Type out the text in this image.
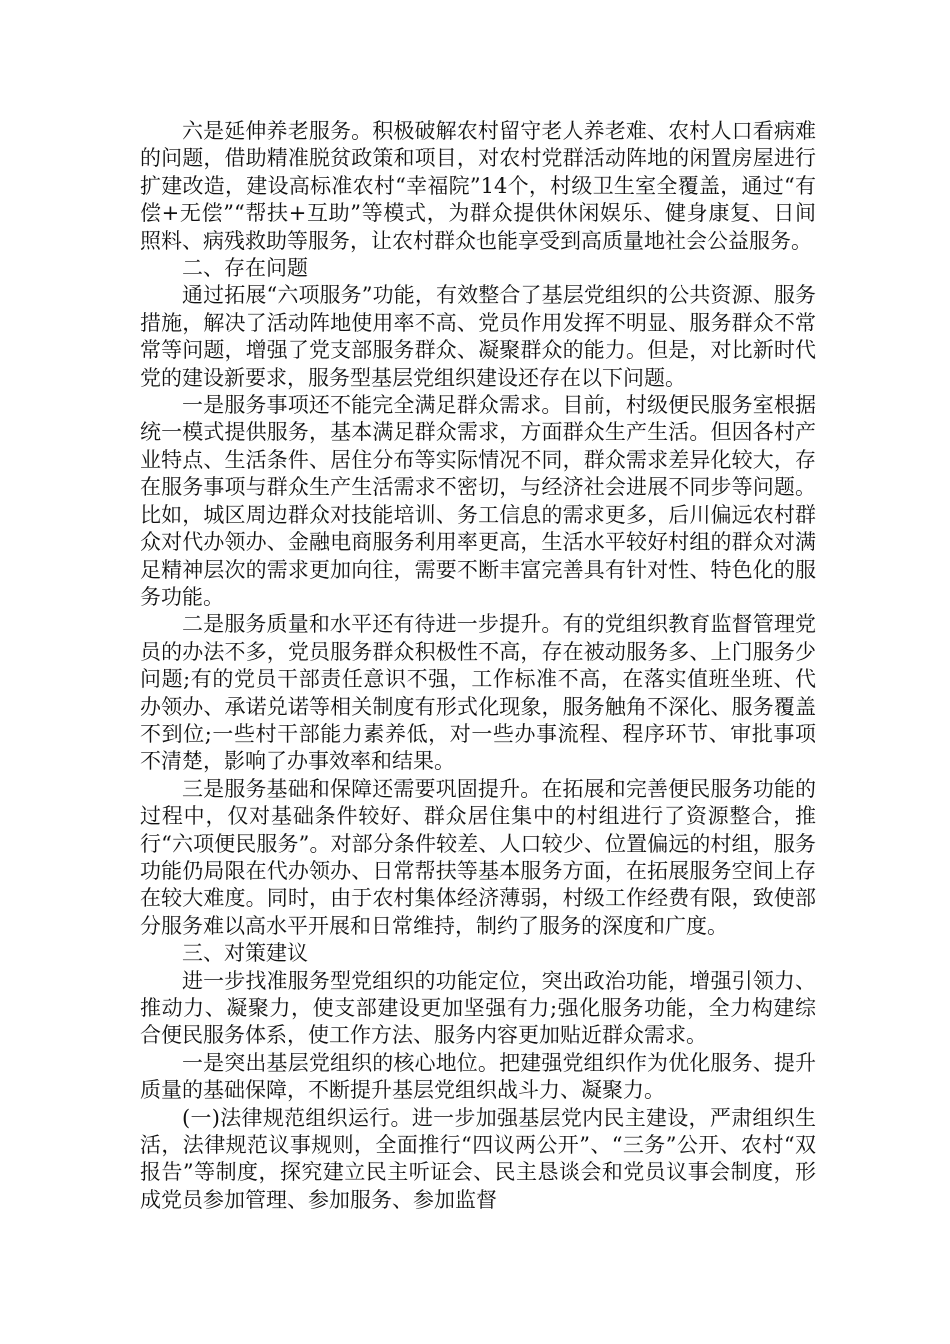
六是延伸养老服务。积极破解农村留守老人养老难、农村人口看病难的问题，借助精准脱贫政策和项目，对农村党群活动阵地的闲置房屋进行扩建改造，建设高标准农村“幸福院”14个，村级卫生室全覆盖，通过“有偿+无偿”“帮扶+互助”等模式，为群众提供休闲娱乐、健身康复、日间照料、病残救助等服务，让农村群众也能享受到高质量地社会公益服务。

二、存在问题

通过拓展“六项服务”功能，有效整合了基层党组织的公共资源、服务措施，解决了活动阵地使用率不高、党员作用发挥不明显、服务群众不常常等问题，增强了党支部服务群众、凝聚群众的能力。但是，对比新时代党的建设新要求，服务型基层党组织建设还存在以下问题。

一是服务事项还不能完全满足群众需求。目前，村级便民服务室根据统一模式提供服务，基本满足群众需求，方面群众生产生活。但因各村产业特点、生活条件、居住分布等实际情况不同，群众需求差异化较大，存在服务事项与群众生产生活需求不密切，与经济社会进展不同步等问题。比如，城区周边群众对技能培训、务工信息的需求更多，后川偏远农村群众对代办领办、金融电商服务利用率更高，生活水平较好村组的群众对满足精神层次的需求更加向往，需要不断丰富完善具有针对性、特色化的服务功能。

二是服务质量和水平还有待进一步提升。有的党组织教育监督管理党员的办法不多，党员服务群众积极性不高，存在被动服务多、上门服务少问题;有的党员干部责任意识不强，工作标准不高，在落实值班坐班、代办领办、承诺兑诺等相关制度有形式化现象，服务触角不深化、服务覆盖不到位;一些村干部能力素养低，对一些办事流程、程序环节、审批事项不清楚，影响了办事效率和结果。

三是服务基础和保障还需要巩固提升。在拓展和完善便民服务功能的过程中，仅对基础条件较好、群众居住集中的村组进行了资源整合，推行“六项便民服务”。对部分条件较差、人口较少、位置偏远的村组，服务功能仍局限在代办领办、日常帮扶等基本服务方面，在拓展服务空间上存在较大难度。同时，由于农村集体经济薄弱，村级工作经费有限，致使部分服务难以高水平开展和日常维持，制约了服务的深度和广度。

三、对策建议

进一步找准服务型党组织的功能定位，突出政治功能，增强引领力、推动力、凝聚力，使支部建设更加坚强有力;强化服务功能，全力构建综合便民服务体系，使工作方法、服务内容更加贴近群众需求。

一是突出基层党组织的核心地位。把建强党组织作为优化服务、提升质量的基础保障，不断提升基层党组织战斗力、凝聚力。

(一)法律规范组织运行。进一步加强基层党内民主建设，严肃组织生活，法律规范议事规则，全面推行“四议两公开”、“三务”公开、农村“双报告”等制度，探究建立民主听证会、民主恳谈会和党员议事会制度，形成党员参加管理、参加服务、参加监督
